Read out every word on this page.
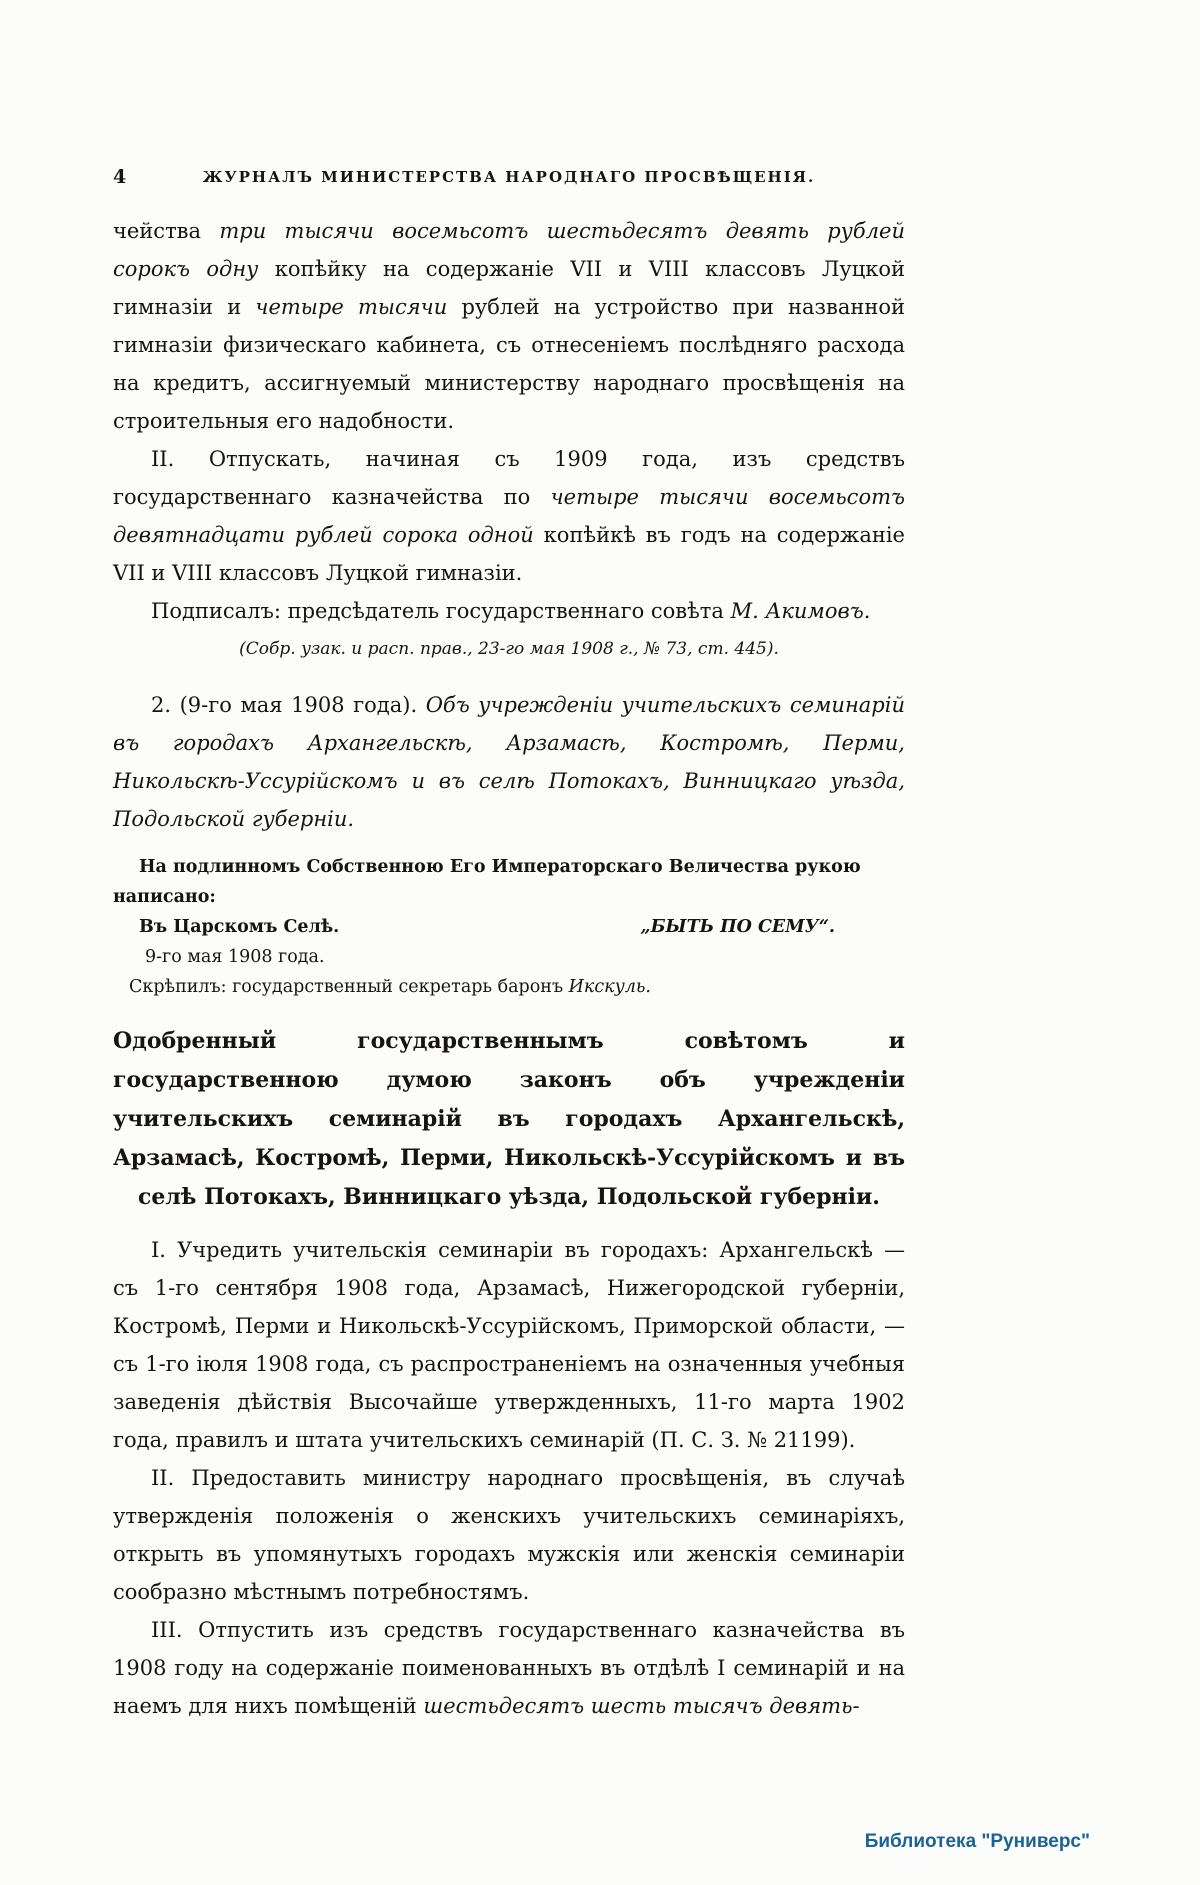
4	ЖУРНАЛЪ МИНИСТЕРСТВА НАРОДНАГО ПРОСВѢЩЕНІЯ.

чейства три тысячи восемьсотъ шестьдесятъ девять рублей сорокъ одну копѣйку на содержаніе VII и VIII классовъ Луцкой гимназіи и четыре тысячи рублей на устройство при названной гимназіи физическаго кабинета, съ отнесеніемъ послѣдняго расхода на кредитъ, ассигнуемый министерству народнаго просвѣщенія на строительныя его надобности.

II. Отпускать, начиная съ 1909 года, изъ средствъ государственнаго казначейства по четыре тысячи восемьсотъ девятнадцати рублей сорока одной копѣйкѣ въ годъ на содержаніе VII и VIII классовъ Луцкой гимназіи.

Подписалъ: предсѣдатель государственнаго совѣта М. Акимовъ.

(Собр. узак. и расп. прав., 23-го мая 1908 г., № 73, ст. 445).

2. (9-го мая 1908 года). Объ учрежденіи учительскихъ семинарій въ городахъ Архангельскѣ, Арзамасѣ, Костромѣ, Перми, Никольскѣ-Уссурійскомъ и въ селѣ Потокахъ, Винницкаго уѣзда, Подольской губерніи.

На подлинномъ Собственною Его Императорскаго Величества рукою написано:

Въ Царскомъ Селѣ.	„БЫТЬ ПО СЕМУ“.

9-го мая 1908 года.

Скрѣпилъ: государственный секретарь баронъ Икскуль.

Одобренный государственнымъ совѣтомъ и государственною думою законъ объ учрежденіи учительскихъ семинарій въ городахъ Архангельскѣ, Арзамасѣ, Костромѣ, Перми, Никольскѣ-Уссурійскомъ и въ селѣ Потокахъ, Винницкаго уѣзда, Подольской губерніи.

I. Учредить учительскія семинаріи въ городахъ: Архангельскѣ — съ 1-го сентября 1908 года, Арзамасѣ, Нижегородской губерніи, Костромѣ, Перми и Никольскѣ-Уссурійскомъ, Приморской области, — съ 1-го іюля 1908 года, съ распространеніемъ на означенныя учебныя заведенія дѣйствія Высочайше утвержденныхъ, 11-го марта 1902 года, правилъ и штата учительскихъ семинарій (П. С. З. № 21199).

II. Предоставить министру народнаго просвѣщенія, въ случаѣ утвержденія положенія о женскихъ учительскихъ семинаріяхъ, открыть въ упомянутыхъ городахъ мужскія или женскія семинаріи сообразно мѣстнымъ потребностямъ.

III. Отпустить изъ средствъ государственнаго казначейства въ 1908 году на содержаніе поименованныхъ въ отдѣлѣ I семинарій и на наемъ для нихъ помѣщеній шестьдесятъ шесть тысячъ девять-

Библиотека "Руниверс"
